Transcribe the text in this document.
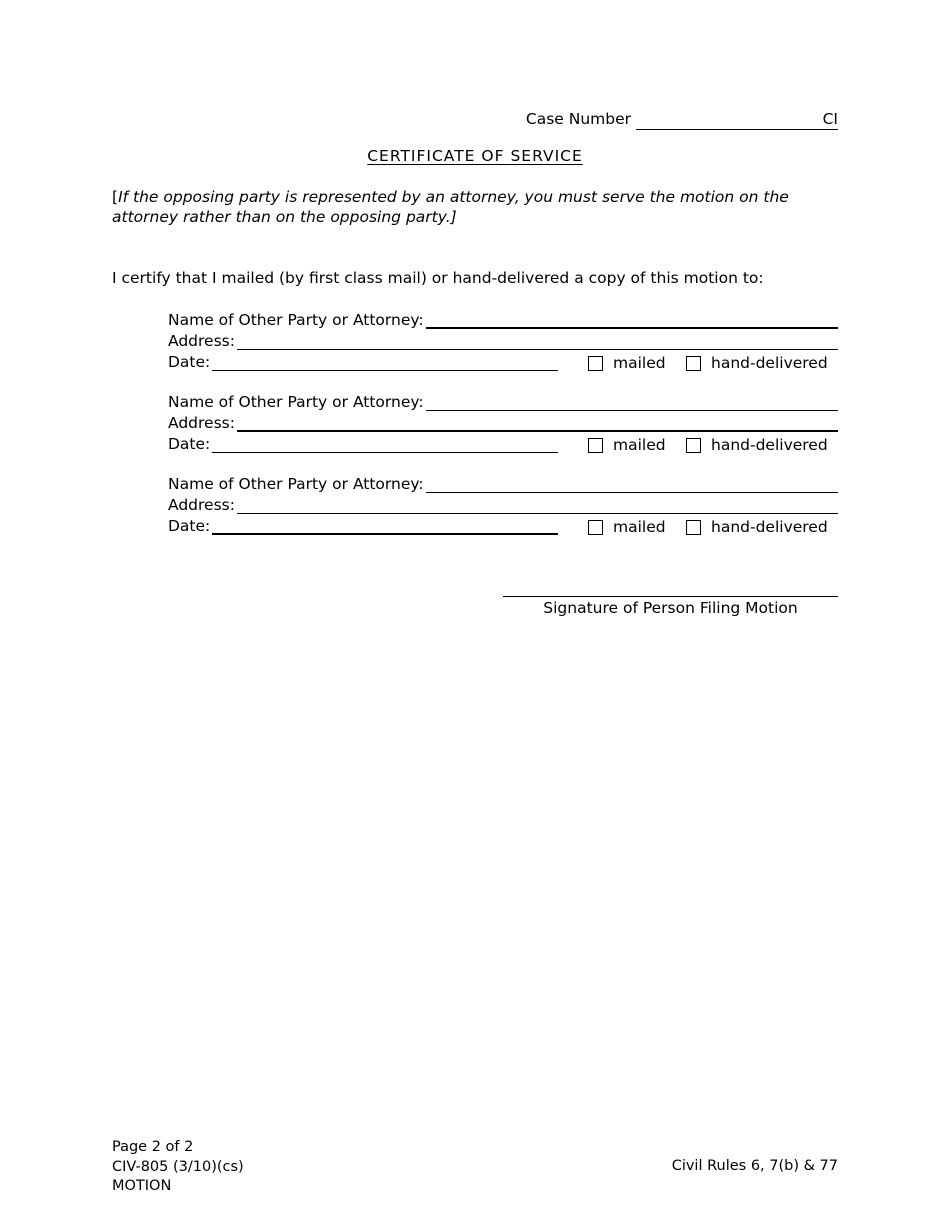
Case Number	CI
CERTIFICATE OF SERVICE
[If the opposing party is represented by an attorney, you must serve the motion on the attorney rather than on the opposing party.]
I certify that I mailed (by first class mail) or hand-delivered a copy of this motion to:
Name of Other Party or Attorney:
Address:
Date:	mailed	hand-delivered
Name of Other Party or Attorney:
Address:
Date:	mailed	hand-delivered
Name of Other Party or Attorney:
Address:
Date:	mailed	hand-delivered
Signature of Person Filing Motion
Page 2 of 2
CIV-805 (3/10)(cs)
MOTION
Civil Rules 6, 7(b) & 77
